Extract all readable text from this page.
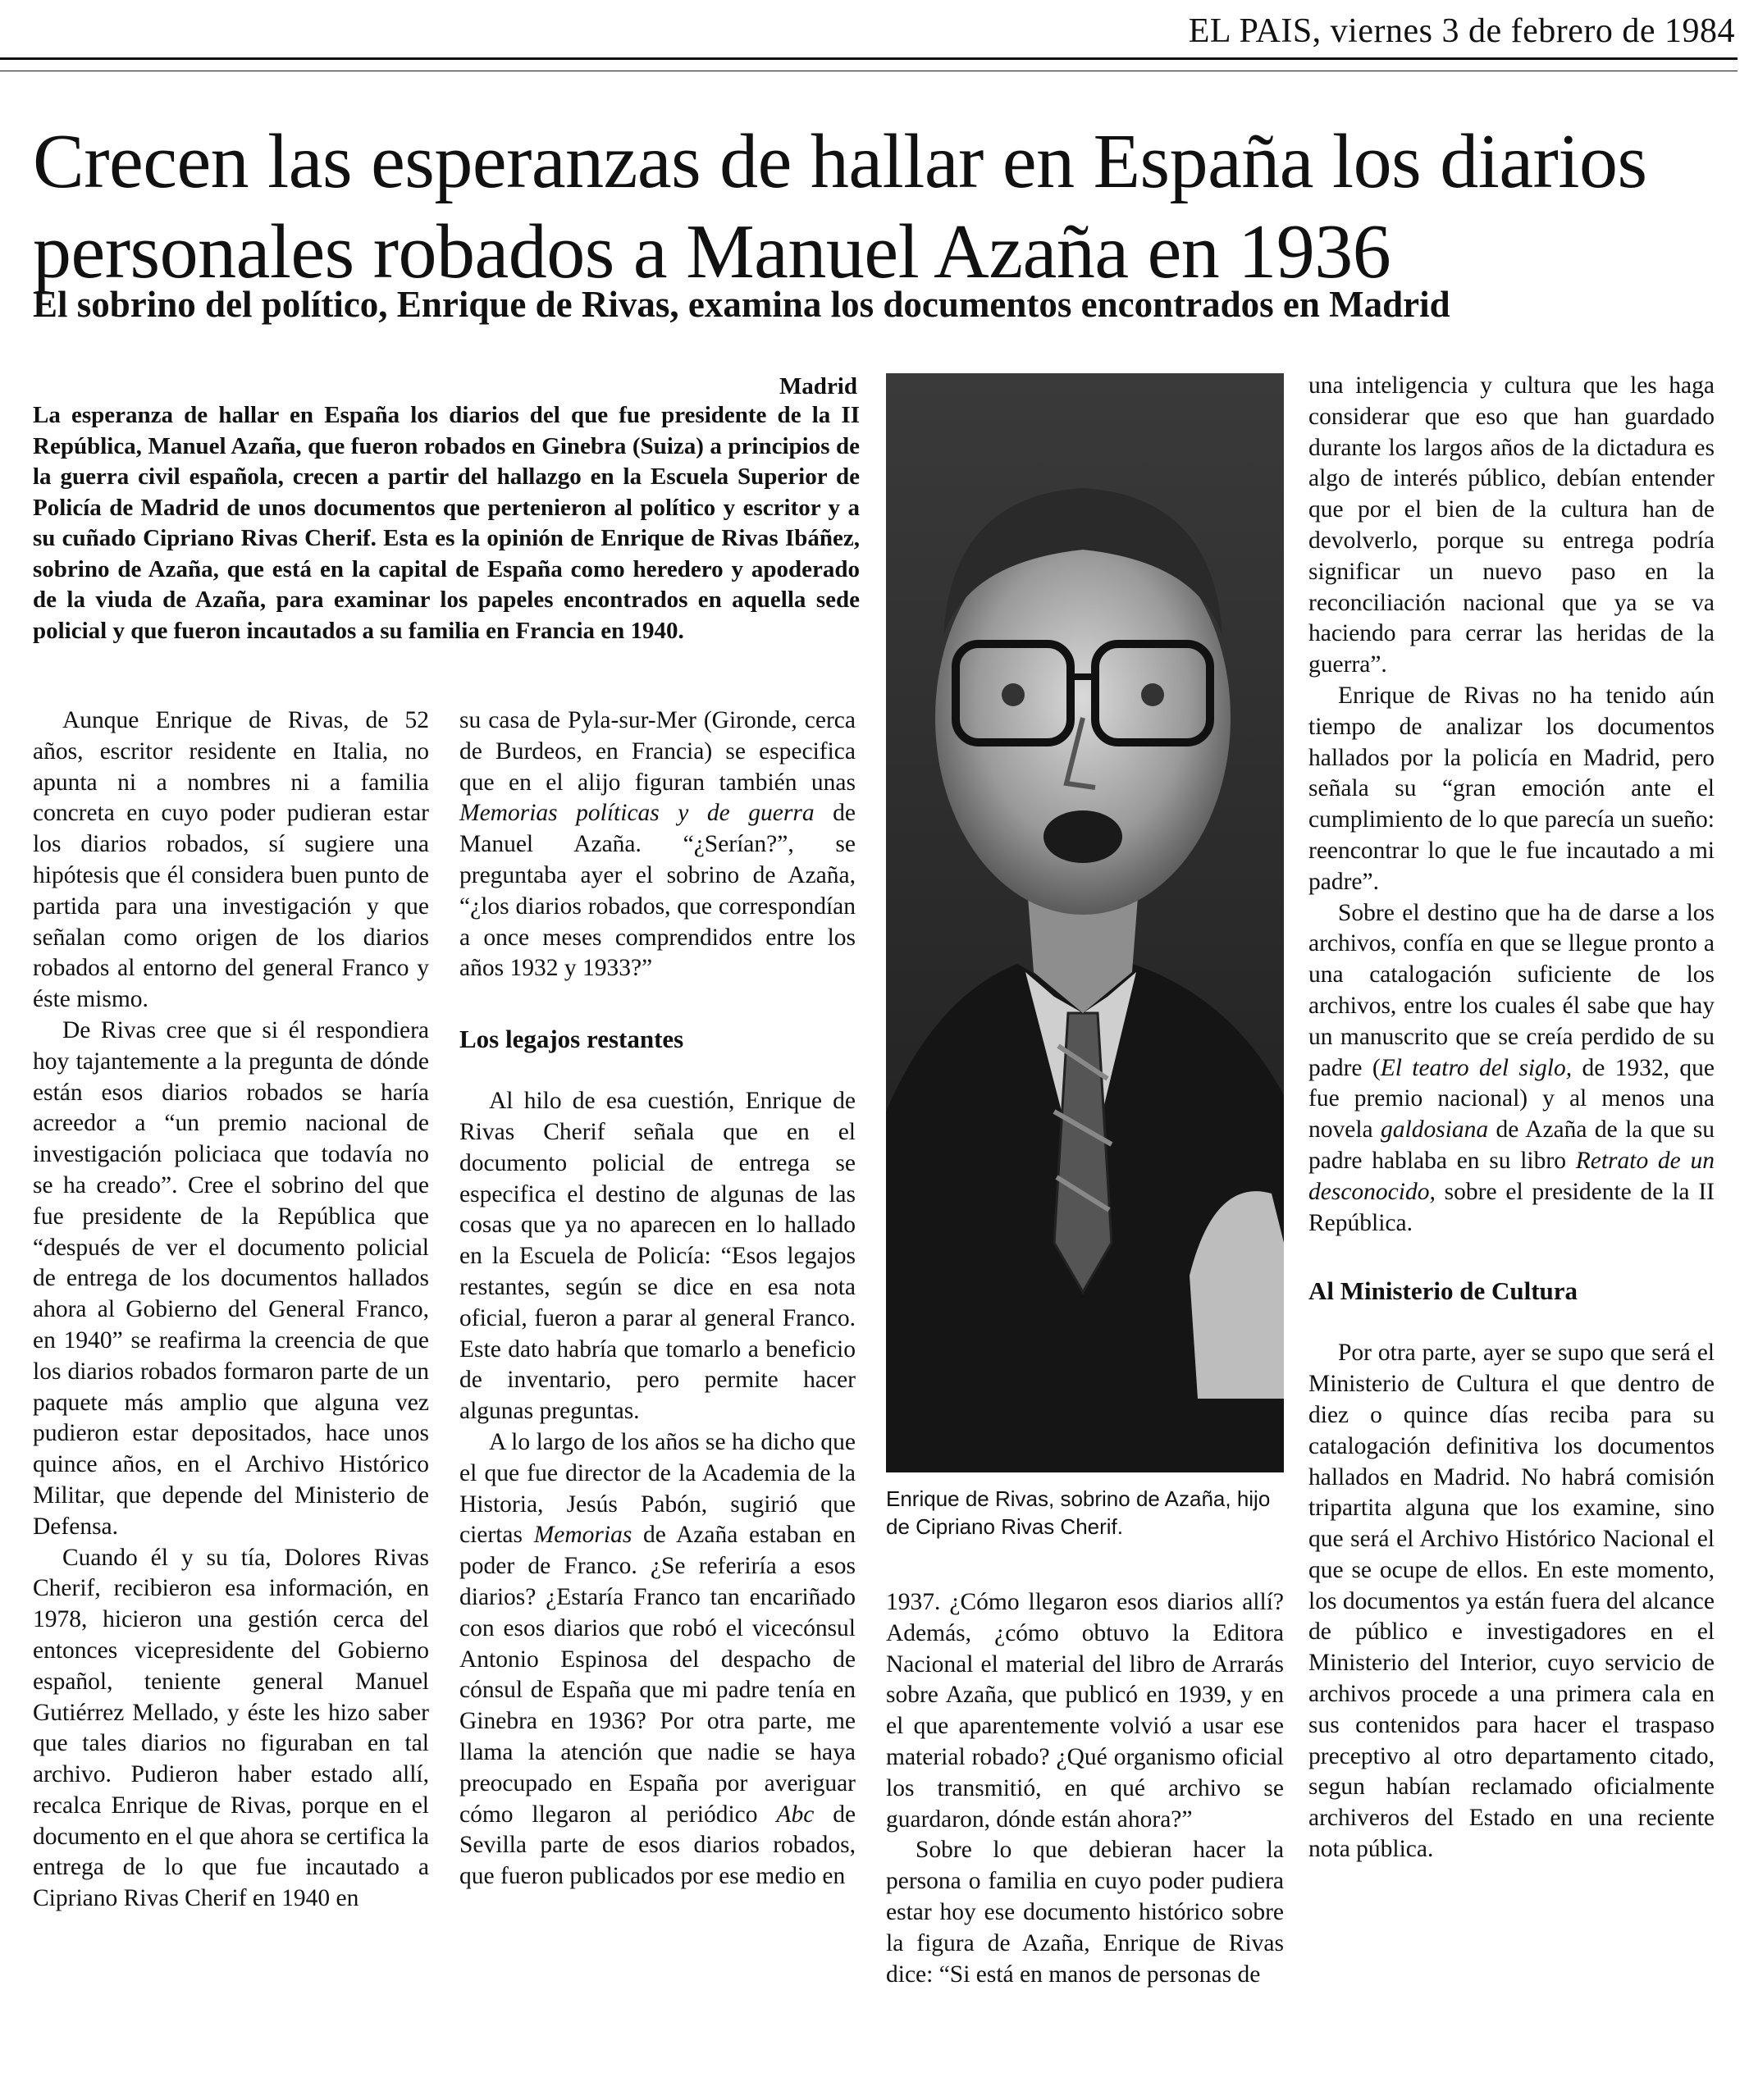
EL PAIS, viernes 3 de febrero de 1984
Crecen las esperanzas de hallar en España los diarios personales robados a Manuel Azaña en 1936
El sobrino del político, Enrique de Rivas, examina los documentos encontrados en Madrid
Madrid

La esperanza de hallar en España los diarios del que fue presidente de la II República, Manuel Azaña, que fueron robados en Ginebra (Suiza) a principios de la guerra civil española, crecen a partir del hallazgo en la Escuela Superior de Policía de Madrid de unos documentos que pertenieron al político y escritor y a su cuñado Cipriano Rivas Cherif. Esta es la opinión de Enrique de Rivas Ibáñez, sobrino de Azaña, que está en la capital de España como heredero y apoderado de la viuda de Azaña, para examinar los papeles encontrados en aquella sede policial y que fueron incautados a su familia en Francia en 1940.

Aunque Enrique de Rivas, de 52 años, escritor residente en Italia, no apunta ni a nombres ni a familia concreta en cuyo poder pudieran estar los diarios robados, sí sugiere una hipótesis que él considera buen punto de partida para una investigación y que señalan como origen de los diarios robados al entorno del general Franco y éste mismo.

De Rivas cree que si él respondiera hoy tajantemente a la pregunta de dónde están esos diarios robados se haría acreedor a “un premio nacional de investigación policiaca que todavía no se ha creado”. Cree el sobrino del que fue presidente de la República que “después de ver el documento policial de entrega de los documentos hallados ahora al Gobierno del General Franco, en 1940” se reafirma la creencia de que los diarios robados formaron parte de un paquete más amplio que alguna vez pudieron estar depositados, hace unos quince años, en el Archivo Histórico Militar, que depende del Ministerio de Defensa.

Cuando él y su tía, Dolores Rivas Cherif, recibieron esa información, en 1978, hicieron una gestión cerca del entonces vicepresidente del Gobierno español, teniente general Manuel Gutiérrez Mellado, y éste les hizo saber que tales diarios no figuraban en tal archivo. Pudieron haber estado allí, recalca Enrique de Rivas, porque en el documento en el que ahora se certifica la entrega de lo que fue incautado a Cipriano Rivas Cherif en 1940 en

su casa de Pyla-sur-Mer (Gironde, cerca de Burdeos, en Francia) se especifica que en el alijo figuran también unas Memorias políticas y de guerra de Manuel Azaña. “¿Serían?”, se preguntaba ayer el sobrino de Azaña, “¿los diarios robados, que correspondían a once meses comprendidos entre los años 1932 y 1933?”

Los legajos restantes

Al hilo de esa cuestión, Enrique de Rivas Cherif señala que en el documento policial de entrega se especifica el destino de algunas de las cosas que ya no aparecen en lo hallado en la Escuela de Policía: “Esos legajos restantes, según se dice en esa nota oficial, fueron a parar al general Franco. Este dato habría que tomarlo a beneficio de inventario, pero permite hacer algunas preguntas.

A lo largo de los años se ha dicho que el que fue director de la Academia de la Historia, Jesús Pabón, sugirió que ciertas Memorias de Azaña estaban en poder de Franco. ¿Se referiría a esos diarios? ¿Estaría Franco tan encariñado con esos diarios que robó el vicecónsul Antonio Espinosa del despacho de cónsul de España que mi padre tenía en Ginebra en 1936? Por otra parte, me llama la atención que nadie se haya preocupado en España por averiguar cómo llegaron al periódico Abc de Sevilla parte de esos diarios robados, que fueron publicados por ese medio en

Enrique de Rivas, sobrino de Azaña, hijo de Cipriano Rivas Cherif.

1937. ¿Cómo llegaron esos diarios allí? Además, ¿cómo obtuvo la Editora Nacional el material del libro de Arrarás sobre Azaña, que publicó en 1939, y en el que aparentemente volvió a usar ese material robado? ¿Qué organismo oficial los transmitió, en qué archivo se guardaron, dónde están ahora?”

Sobre lo que debieran hacer la persona o familia en cuyo poder pudiera estar hoy ese documento histórico sobre la figura de Azaña, Enrique de Rivas dice: “Si está en manos de personas de

una inteligencia y cultura que les haga considerar que eso que han guardado durante los largos años de la dictadura es algo de interés público, debían entender que por el bien de la cultura han de devolverlo, porque su entrega podría significar un nuevo paso en la reconciliación nacional que ya se va haciendo para cerrar las heridas de la guerra”.

Enrique de Rivas no ha tenido aún tiempo de analizar los documentos hallados por la policía en Madrid, pero señala su “gran emoción ante el cumplimiento de lo que parecía un sueño: reencontrar lo que le fue incautado a mi padre”.

Sobre el destino que ha de darse a los archivos, confía en que se llegue pronto a una catalogación suficiente de los archivos, entre los cuales él sabe que hay un manuscrito que se creía perdido de su padre (El teatro del siglo, de 1932, que fue premio nacional) y al menos una novela galdosiana de Azaña de la que su padre hablaba en su libro Retrato de un desconocido, sobre el presidente de la II República.

Al Ministerio de Cultura

Por otra parte, ayer se supo que será el Ministerio de Cultura el que dentro de diez o quince días reciba para su catalogación definitiva los documentos hallados en Madrid. No habrá comisión tripartita alguna que los examine, sino que será el Archivo Histórico Nacional el que se ocupe de ellos. En este momento, los documentos ya están fuera del alcance de público e investigadores en el Ministerio del Interior, cuyo servicio de archivos procede a una primera cala en sus contenidos para hacer el traspaso preceptivo al otro departamento citado, segun habían reclamado oficialmente archiveros del Estado en una reciente nota pública.
